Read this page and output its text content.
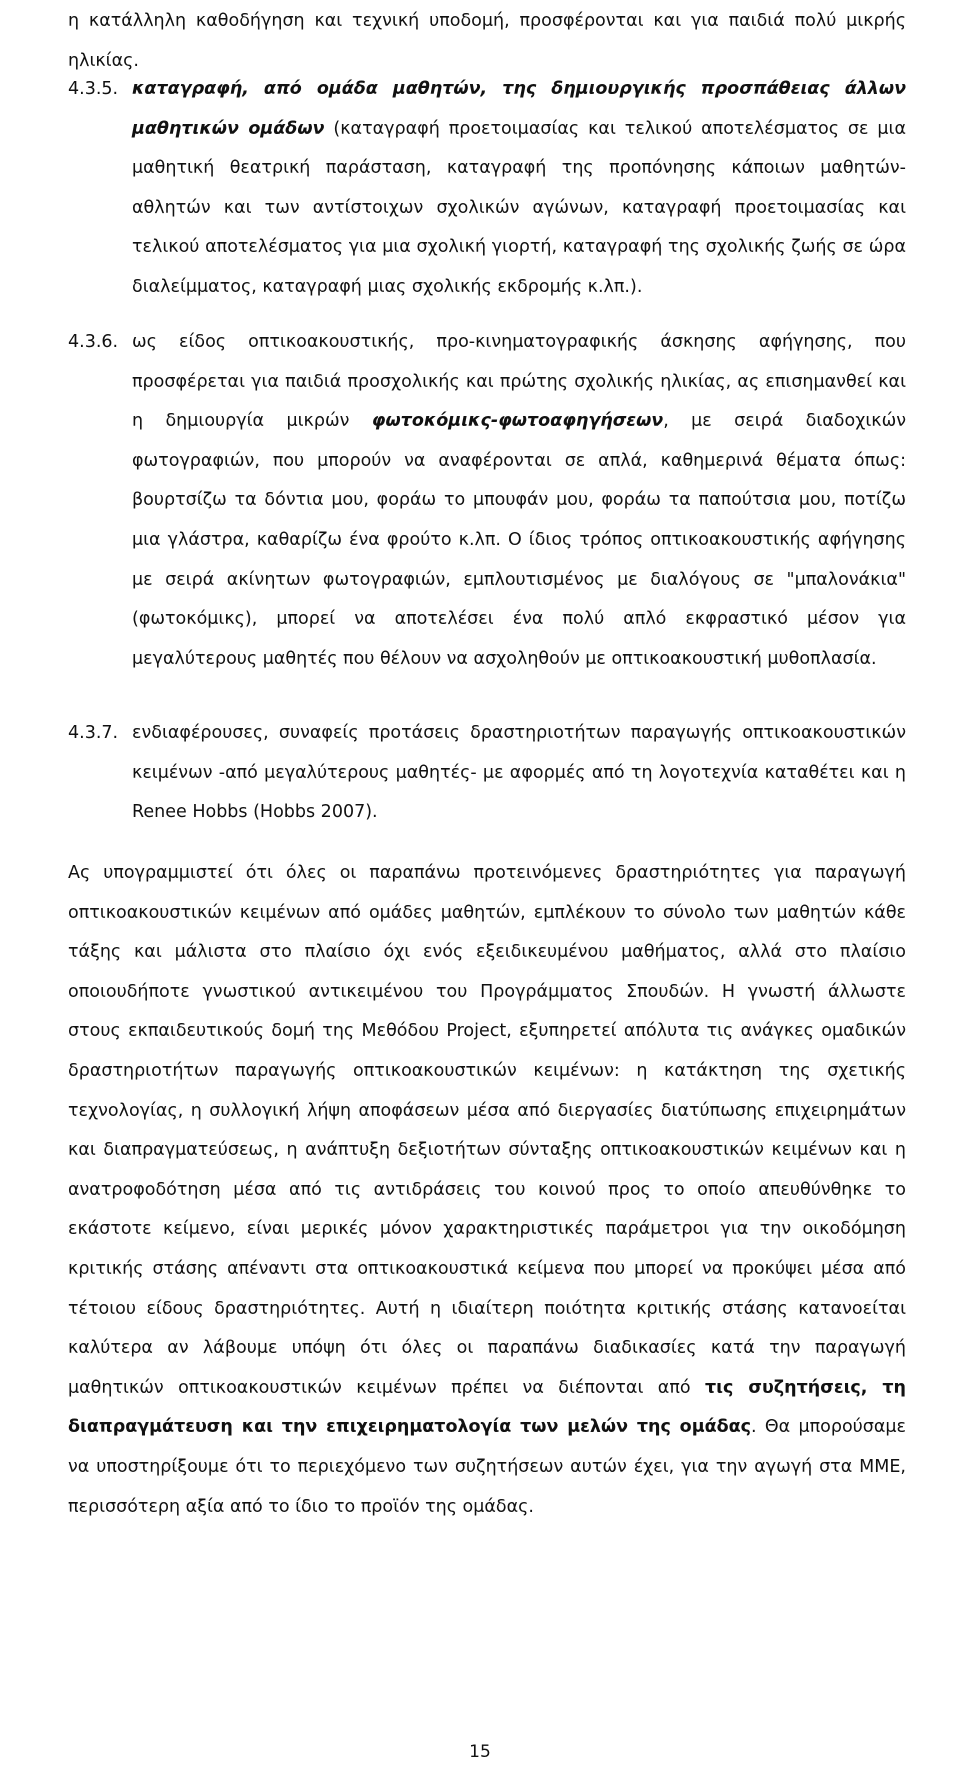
η κατάλληλη καθοδήγηση και τεχνική υποδομή, προσφέρονται και για παιδιά πολύ μικρής ηλικίας.
4.3.5. καταγραφή, από ομάδα μαθητών, της δημιουργικής προσπάθειας άλλων μαθητικών ομάδων (καταγραφή προετοιμασίας και τελικού αποτελέσματος σε μια μαθητική θεατρική παράσταση, καταγραφή της προπόνησης κάποιων μαθητών-αθλητών και των αντίστοιχων σχολικών αγώνων, καταγραφή προετοιμασίας και τελικού αποτελέσματος για μια σχολική γιορτή, καταγραφή της σχολικής ζωής σε ώρα διαλείμματος, καταγραφή μιας σχολικής εκδρομής κ.λπ.).
4.3.6. ως είδος οπτικοακουστικής, προ-κινηματογραφικής άσκησης αφήγησης, που προσφέρεται για παιδιά προσχολικής και πρώτης σχολικής ηλικίας, ας επισημανθεί και η δημιουργία μικρών φωτοκόμικς-φωτοαφηγήσεων, με σειρά διαδοχικών φωτογραφιών, που μπορούν να αναφέρονται σε απλά, καθημερινά θέματα όπως: βουρτσίζω τα δόντια μου, φοράω το μπουφάν μου, φοράω τα παπούτσια μου, ποτίζω μια γλάστρα, καθαρίζω ένα φρούτο κ.λπ. Ο ίδιος τρόπος οπτικοακουστικής αφήγησης με σειρά ακίνητων φωτογραφιών, εμπλουτισμένος με διαλόγους σε "μπαλονάκια" (φωτοκόμικς), μπορεί να αποτελέσει ένα πολύ απλό εκφραστικό μέσον για μεγαλύτερους μαθητές που θέλουν να ασχοληθούν με οπτικοακουστική μυθοπλασία.
4.3.7. ενδιαφέρουσες, συναφείς προτάσεις δραστηριοτήτων παραγωγής οπτικοακουστικών κειμένων -από μεγαλύτερους μαθητές- με αφορμές από τη λογοτεχνία καταθέτει και η Renee Hobbs (Hobbs 2007).
Ας υπογραμμιστεί ότι όλες οι παραπάνω προτεινόμενες δραστηριότητες για παραγωγή οπτικοακουστικών κειμένων από ομάδες μαθητών, εμπλέκουν το σύνολο των μαθητών κάθε τάξης και μάλιστα στο πλαίσιο όχι ενός εξειδικευμένου μαθήματος, αλλά στο πλαίσιο οποιουδήποτε γνωστικού αντικειμένου του Προγράμματος Σπουδών. Η γνωστή άλλωστε στους εκπαιδευτικούς δομή της Μεθόδου Project, εξυπηρετεί απόλυτα τις ανάγκες ομαδικών δραστηριοτήτων παραγωγής οπτικοακουστικών κειμένων: η κατάκτηση της σχετικής τεχνολογίας, η συλλογική λήψη αποφάσεων μέσα από διεργασίες διατύπωσης επιχειρημάτων και διαπραγματεύσεως, η ανάπτυξη δεξιοτήτων σύνταξης οπτικοακουστικών κειμένων και η ανατροφοδότηση μέσα από τις αντιδράσεις του κοινού προς το οποίο απευθύνθηκε το εκάστοτε κείμενο, είναι μερικές μόνον χαρακτηριστικές παράμετροι για την οικοδόμηση κριτικής στάσης απέναντι στα οπτικοακουστικά κείμενα που μπορεί να προκύψει μέσα από τέτοιου είδους δραστηριότητες. Αυτή η ιδιαίτερη ποιότητα κριτικής στάσης κατανοείται καλύτερα αν λάβουμε υπόψη ότι όλες οι παραπάνω διαδικασίες κατά την παραγωγή μαθητικών οπτικοακουστικών κειμένων πρέπει να διέπονται από τις συζητήσεις, τη διαπραγμάτευση και την επιχειρηματολογία των μελών της ομάδας. Θα μπορούσαμε να υποστηρίξουμε ότι το περιεχόμενο των συζητήσεων αυτών έχει, για την αγωγή στα ΜΜΕ, περισσότερη αξία από το ίδιο το προϊόν της ομάδας.
15
